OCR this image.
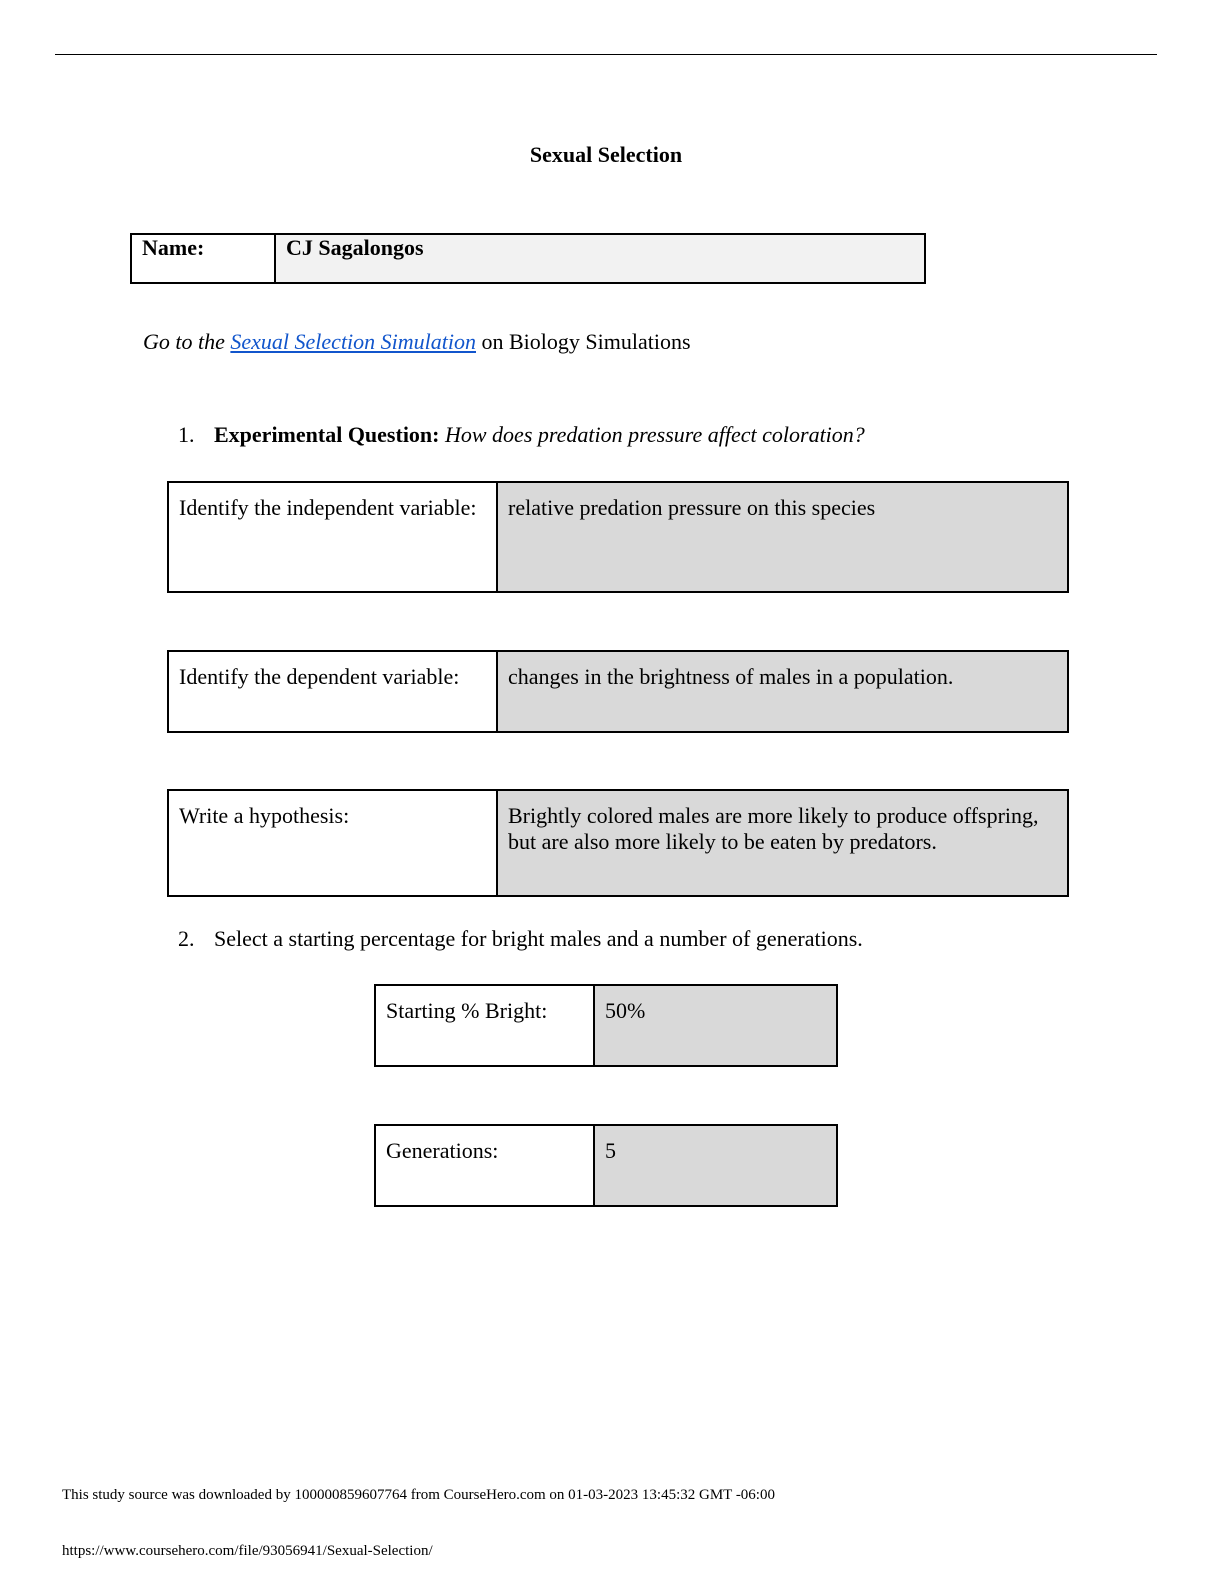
Sexual Selection
Name:	CJ Sagalongos
Go to the Sexual Selection Simulation on Biology Simulations
1. Experimental Question: How does predation pressure affect coloration?
Identify the independent variable:	relative predation pressure on this species
Identify the dependent variable:	changes in the brightness of males in a population.
Write a hypothesis:	Brightly colored males are more likely to produce offspring, but are also more likely to be eaten by predators.
2. Select a starting percentage for bright males and a number of generations.
Starting % Bright:	50%
Generations:	5
This study source was downloaded by 100000859607764 from CourseHero.com on 01-03-2023 13:45:32 GMT -06:00
https://www.coursehero.com/file/93056941/Sexual-Selection/
